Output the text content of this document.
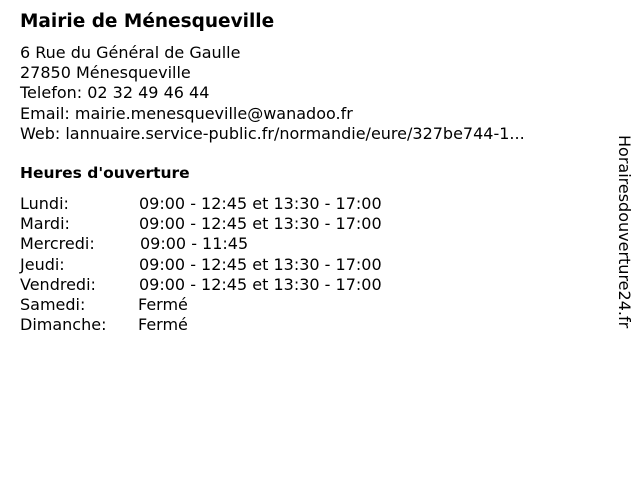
Mairie de Ménesqueville
6 Rue du Général de Gaulle
27850 Ménesqueville
Telefon: 02 32 49 46 44
Email: mairie.menesqueville@wanadoo.fr
Web: lannuaire.service-public.fr/normandie/eure/327be744-1...
Heures d'ouverture
Lundi:	09:00 - 12:45 et 13:30 - 17:00
Mardi:	09:00 - 12:45 et 13:30 - 17:00
Mercredi:	09:00 - 11:45
Jeudi:	09:00 - 12:45 et 13:30 - 17:00
Vendredi:	09:00 - 12:45 et 13:30 - 17:00
Samedi:	Fermé
Dimanche: Fermé	Horairesdouverture24.fr
